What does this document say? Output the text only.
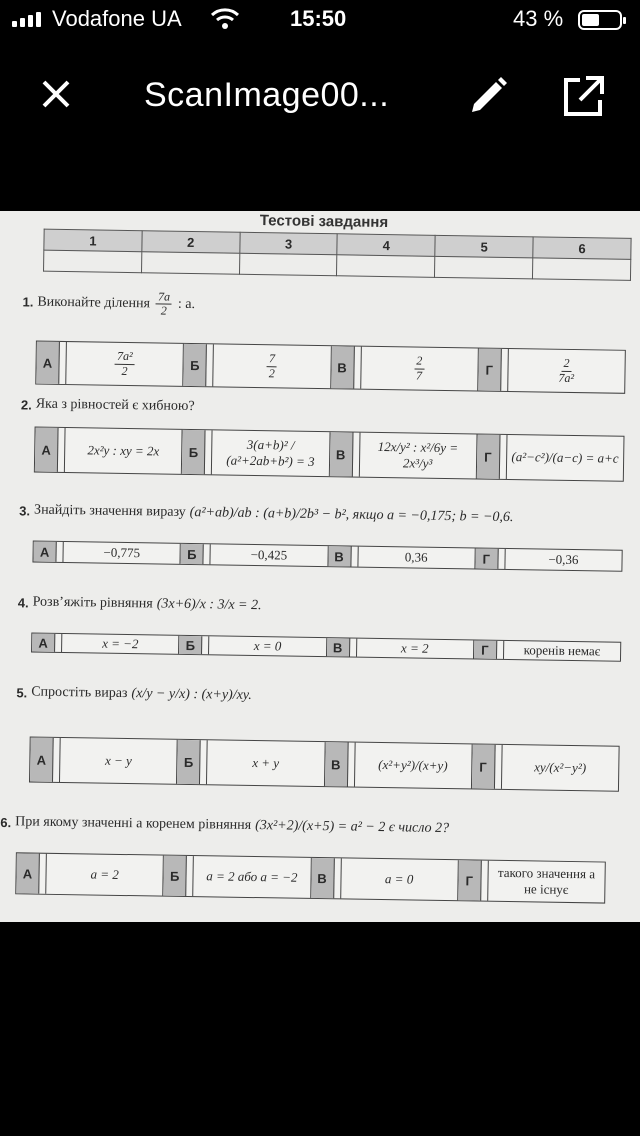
Vodafone UA	15:50	43 %
ScanImage00...
Тестові завдання
1	2	3	4	5	6

1. Виконайте ділення $\frac{7a}{2}$ : a.
А	$\frac{\text{7a²}}{2}$	Б	$\frac{7}{2}$	В	$\frac{2}{7}$	Г	$\frac{2}{\text{7a²}}$
2. Яка з рівностей є хибною?
А	2x²y : xy = 2x	Б	3(a+b)² / (a²+2ab+b²) = 3	В	12x/y² : x²/6y = 2x³/y³	Г	(a²−c²)/(a−c) = a+c
3. Знайдіть значення виразу (a²+ab)/ab : (a+b)/2b³ − b², якщо a = −0,175; b = −0,6.
А	−0,775	Б	−0,425	В	0,36	Г	−0,36
4. Розв’яжіть рівняння (3x+6)/x : 3/x = 2.
А	x = −2	Б	x = 0	В	x = 2	Г	коренів немає
5. Спростіть вираз (x/y − y/x) : (x+y)/xy.
А	x − y	Б	x + y	В	(x²+y²)/(x+y)	Г	xy/(x²−y²)
6. При якому значенні a коренем рівняння (3x²+2)/(x+5) = a² − 2 є число 2?
А	a = 2	Б	a = 2 або a = −2	В	a = 0	Г	такого значення a не існує
